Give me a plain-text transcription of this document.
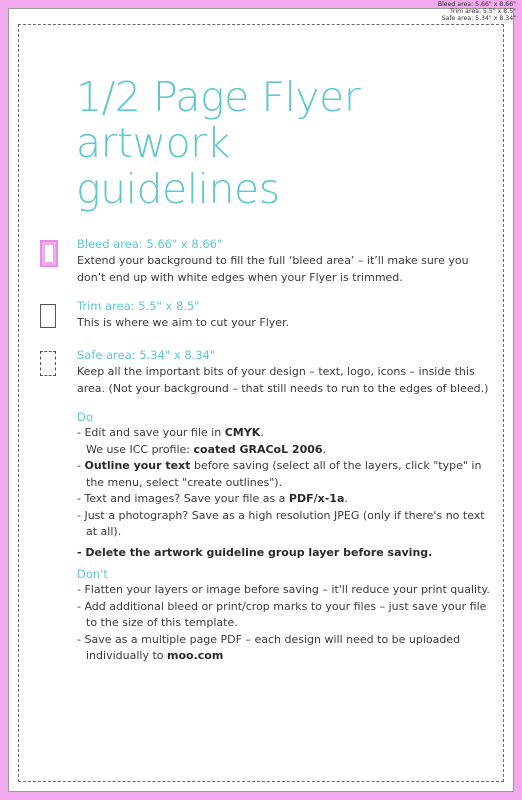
Bleed area: 5.66" x 8.66"
Trim area: 5.5" x 8.5"
Safe area: 5.34" x 8.34"
1/2 Page Flyer
artwork
guidelines
Bleed area: 5.66" x 8.66"
Extend your background to fill the full ‘bleed area’ – it’ll make sure you don’t end up with white edges when your Flyer is trimmed.
Trim area: 5.5" x 8.5"
This is where we aim to cut your Flyer.
Safe area: 5.34" x 8.34"
Keep all the important bits of your design – text, logo, icons – inside this area. (Not your background – that still needs to run to the edges of bleed.)
Do
- Edit and save your file in CMYK.
We use ICC profile: coated GRACoL 2006.
- Outline your text before saving (select all of the layers, click "type" in the menu, select "create outlines").
- Text and images? Save your file as a PDF/x-1a.
- Just a photograph? Save as a high resolution JPEG (only if there's no text at all).
- Delete the artwork guideline group layer before saving.
Don't
- Flatten your layers or image before saving – it'll reduce your print quality.
- Add additional bleed or print/crop marks to your files – just save your file to the size of this template.
- Save as a multiple page PDF – each design will need to be uploaded individually to moo.com
